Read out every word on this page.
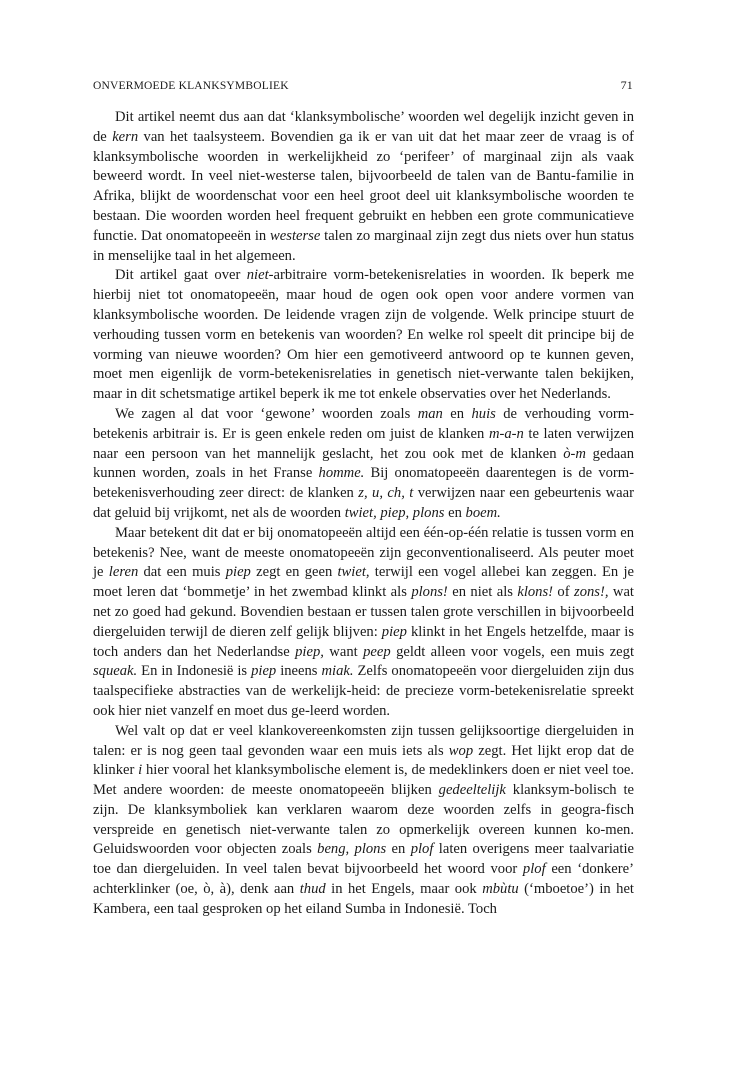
ONVERMOEDE KLANKSYMBOLIEK	71

Dit artikel neemt dus aan dat ‘klanksymbolische’ woorden wel degelijk inzicht geven in de kern van het taalsysteem. Bovendien ga ik er van uit dat het maar zeer de vraag is of klanksymbolische woorden in werkelijkheid zo ‘perifeer’ of marginaal zijn als vaak beweerd wordt. In veel niet-westerse talen, bijvoorbeeld de talen van de Bantu-familie in Afrika, blijkt de woordenschat voor een heel groot deel uit klanksymbolische woorden te bestaan. Die woorden worden heel frequent gebruikt en hebben een grote communicatieve functie. Dat onomatopeeën in westerse talen zo marginaal zijn zegt dus niets over hun status in menselijke taal in het algemeen.

Dit artikel gaat over niet-arbitraire vorm-betekenisrelaties in woorden. Ik beperk me hierbij niet tot onomatopeeën, maar houd de ogen ook open voor andere vormen van klanksymbolische woorden. De leidende vragen zijn de volgende. Welk principe stuurt de verhouding tussen vorm en betekenis van woorden? En welke rol speelt dit principe bij de vorming van nieuwe woorden? Om hier een gemotiveerd antwoord op te kunnen geven, moet men eigenlijk de vorm-betekenisrelaties in genetisch niet-verwante talen bekijken, maar in dit schetsmatige artikel beperk ik me tot enkele observaties over het Nederlands.

We zagen al dat voor ‘gewone’ woorden zoals man en huis de verhouding vorm-betekenis arbitrair is. Er is geen enkele reden om juist de klanken m-a-n te laten verwijzen naar een persoon van het mannelijk geslacht, het zou ook met de klanken ò-m gedaan kunnen worden, zoals in het Franse homme. Bij onomatopeeën daarentegen is de vorm-betekenisverhouding zeer direct: de klanken z, u, ch, t verwijzen naar een gebeurtenis waar dat geluid bij vrijkomt, net als de woorden twiet, piep, plons en boem.

Maar betekent dit dat er bij onomatopeeën altijd een één-op-één relatie is tussen vorm en betekenis? Nee, want de meeste onomatopeeën zijn geconventionaliseerd. Als peuter moet je leren dat een muis piep zegt en geen twiet, terwijl een vogel allebei kan zeggen. En je moet leren dat ‘bommetje’ in het zwembad klinkt als plons! en niet als klons! of zons!, wat net zo goed had gekund. Bovendien bestaan er tussen talen grote verschillen in bijvoorbeeld diergeluiden terwijl de dieren zelf gelijk blijven: piep klinkt in het Engels hetzelfde, maar is toch anders dan het Nederlandse piep, want peep geldt alleen voor vogels, een muis zegt squeak. En in Indonesië is piep ineens miak. Zelfs onomatopeeën voor diergeluiden zijn dus taalspecifieke abstracties van de werkelijk-heid: de precieze vorm-betekenisrelatie spreekt ook hier niet vanzelf en moet dus ge-leerd worden.

Wel valt op dat er veel klankovereenkomsten zijn tussen gelijksoortige diergeluiden in talen: er is nog geen taal gevonden waar een muis iets als wop zegt. Het lijkt erop dat de klinker i hier vooral het klanksymbolische element is, de medeklinkers doen er niet veel toe. Met andere woorden: de meeste onomatopeeën blijken gedeeltelijk klanksym-bolisch te zijn. De klanksymboliek kan verklaren waarom deze woorden zelfs in geogra-fisch verspreide en genetisch niet-verwante talen zo opmerkelijk overeen kunnen ko-men. Geluidswoorden voor objecten zoals beng, plons en plof laten overigens meer taalvariatie toe dan diergeluiden. In veel talen bevat bijvoorbeeld het woord voor plof een ‘donkere’ achterklinker (oe, ò, à), denk aan thud in het Engels, maar ook mbùtu (‘mboetoe’) in het Kambera, een taal gesproken op het eiland Sumba in Indonesië. Toch
